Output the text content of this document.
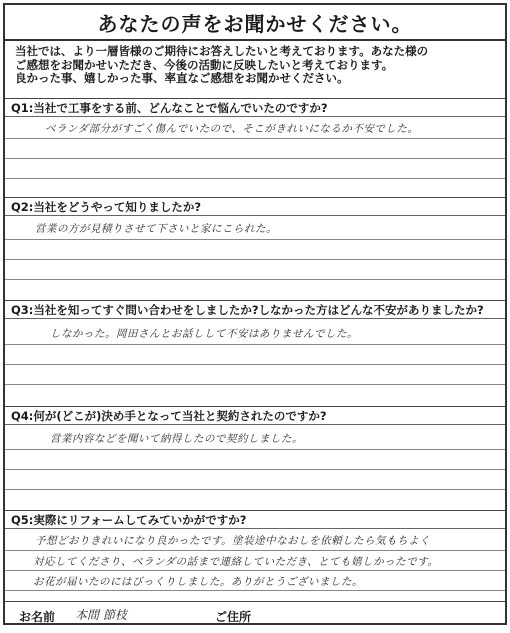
あなたの声をお聞かせください。
当社では、より一層皆様のご期待にお答えしたいと考えております。あなた様の
ご感想をお聞かせいただき、今後の活動に反映したいと考えております。
良かった事、嬉しかった事、率直なご感想をお聞かせください。
Q1:当社で工事をする前、どんなことで悩んでいたのですか?
ベランダ部分がすごく傷んでいたので、そこがきれいになるか不安でした。
Q2:当社をどうやって知りましたか?
営業の方が見積りさせて下さいと家にこられた。
Q3:当社を知ってすぐ問い合わせをしましたか?しなかった方はどんな不安がありましたか?
しなかった。岡田さんとお話しして不安はありませんでした。
Q4:何が(どこが)決め手となって当社と契約されたのですか?
営業内容などを聞いて納得したので契約しました。
Q5:実際にリフォームしてみていかがですか?
予想どおりきれいになり良かったです。塗装途中なおしを依頼したら気もちよく
対応してくださり、ベランダの話まで連絡していただき、とても嬉しかったです。
お花が届いたのにはびっくりしました。ありがとうございました。
お名前 本間 節枝	ご住所
